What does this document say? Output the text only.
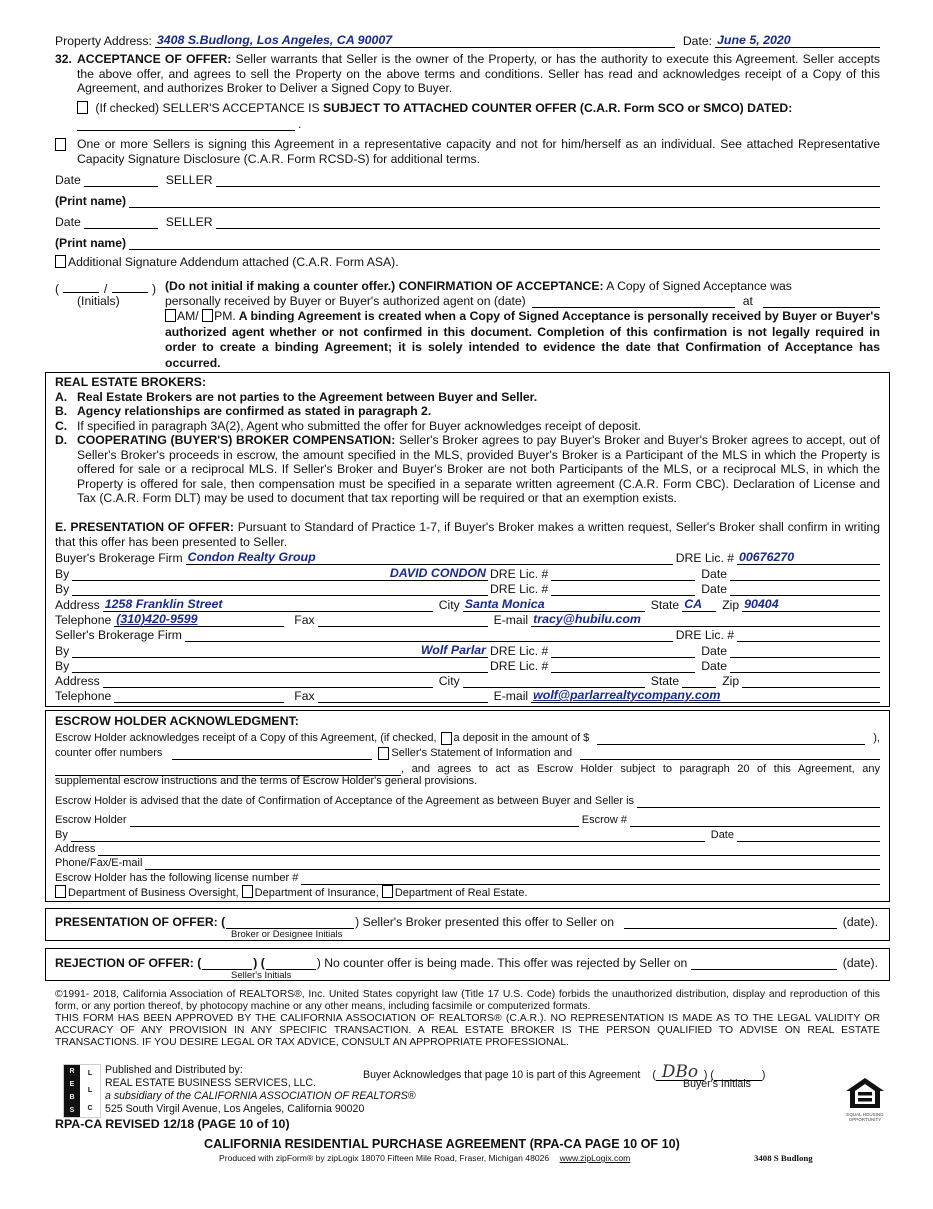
Property Address: 3408 S.Budlong, Los Angeles, CA 90007	Date: June 5, 2020
32. ACCEPTANCE OF OFFER: Seller warrants that Seller is the owner of the Property, or has the authority to execute this Agreement. Seller accepts the above offer, and agrees to sell the Property on the above terms and conditions. Seller has read and acknowledges receipt of a Copy of this Agreement, and authorizes Broker to Deliver a Signed Copy to Buyer.
(If checked) SELLER'S ACCEPTANCE IS SUBJECT TO ATTACHED COUNTER OFFER (C.A.R. Form SCO or SMCO) DATED:
.
One or more Sellers is signing this Agreement in a representative capacity and not for him/herself as an individual. See attached Representative Capacity Signature Disclosure (C.A.R. Form RCSD-S) for additional terms.
Date	SELLER
(Print name)
Date	SELLER
(Print name)
Additional Signature Addendum attached (C.A.R. Form ASA).
(	/	)
(Initials)
(Do not initial if making a counter offer.) CONFIRMATION OF ACCEPTANCE: A Copy of Signed Acceptance was
personally received by Buyer or Buyer's authorized agent on (date)	at
AM/ PM. A binding Agreement is created when a Copy of Signed Acceptance is personally received by Buyer or Buyer's authorized agent whether or not confirmed in this document. Completion of this confirmation is not legally required in order to create a binding Agreement; it is solely intended to evidence the date that Confirmation of Acceptance has occurred.
REAL ESTATE BROKERS:
A. Real Estate Brokers are not parties to the Agreement between Buyer and Seller.
B. Agency relationships are confirmed as stated in paragraph 2.
C. If specified in paragraph 3A(2), Agent who submitted the offer for Buyer acknowledges receipt of deposit.
D. COOPERATING (BUYER'S) BROKER COMPENSATION: Seller's Broker agrees to pay Buyer's Broker and Buyer's Broker agrees to accept, out of Seller's Broker's proceeds in escrow, the amount specified in the MLS, provided Buyer's Broker is a Participant of the MLS in which the Property is offered for sale or a reciprocal MLS. If Seller's Broker and Buyer's Broker are not both Participants of the MLS, or a reciprocal MLS, in which the Property is offered for sale, then compensation must be specified in a separate written agreement (C.A.R. Form CBC). Declaration of License and Tax (C.A.R. Form DLT) may be used to document that tax reporting will be required or that an exemption exists.
E. PRESENTATION OF OFFER: Pursuant to Standard of Practice 1-7, if Buyer's Broker makes a written request, Seller's Broker shall confirm in writing that this offer has been presented to Seller.
Buyer's Brokerage Firm Condon Realty Group	DRE Lic. # 00676270
By	DAVID CONDON DRE Lic. #	Date
By	DRE Lic. #	Date
Address 1258 Franklin Street	City Santa Monica	State CA Zip 90404
Telephone (310)420-9599	Fax	E-mail tracy@hubilu.com
Seller's Brokerage Firm	DRE Lic. #
By	Wolf Parlar DRE Lic. #	Date
By	DRE Lic. #	Date
Address	City	State	Zip
Telephone	Fax	E-mail wolf@parlarrealtycompany.com
ESCROW HOLDER ACKNOWLEDGMENT:
Escrow Holder acknowledges receipt of a Copy of this Agreement, (if checked, a deposit in the amount of $	),
counter offer numbers	Seller's Statement of Information and
, and agrees to act as Escrow Holder subject to paragraph 20 of this Agreement, any
supplemental escrow instructions and the terms of Escrow Holder's general provisions.
Escrow Holder is advised that the date of Confirmation of Acceptance of the Agreement as between Buyer and Seller is
Escrow Holder	Escrow #
By	Date
Address
Phone/Fax/E-mail
Escrow Holder has the following license number #
Department of Business Oversight, Department of Insurance, Department of Real Estate.
PRESENTATION OF OFFER: (	) Seller's Broker presented this offer to Seller on	(date).
Broker or Designee Initials
REJECTION OF OFFER: (	) (	) No counter offer is being made. This offer was rejected by Seller on	(date).
Seller's Initials
©1991- 2018, California Association of REALTORS®, Inc. United States copyright law (Title 17 U.S. Code) forbids the unauthorized distribution, display and reproduction of this form, or any portion thereof, by photocopy machine or any other means, including facsimile or computerized formats.
THIS FORM HAS BEEN APPROVED BY THE CALIFORNIA ASSOCIATION OF REALTORS® (C.A.R.). NO REPRESENTATION IS MADE AS TO THE LEGAL VALIDITY OR ACCURACY OF ANY PROVISION IN ANY SPECIFIC TRANSACTION. A REAL ESTATE BROKER IS THE PERSON QUALIFIED TO ADVISE ON REAL ESTATE TRANSACTIONS. IF YOU DESIRE LEGAL OR TAX ADVICE, CONSULT AN APPROPRIATE PROFESSIONAL.
R
E
B
S
L
L
C
Published and Distributed by:
REAL ESTATE BUSINESS SERVICES, LLC.
a subsidiary of the CALIFORNIA ASSOCIATION OF REALTORS®
525 South Virgil Avenue, Los Angeles, California 90020
RPA-CA REVISED 12/18 (PAGE 10 of 10)
Buyer Acknowledges that page 10 is part of this Agreement ( DBo ) (	)
Buyer's Initials
EQUAL HOUSING OPPORTUNITY
CALIFORNIA RESIDENTIAL PURCHASE AGREEMENT (RPA-CA PAGE 10 OF 10)
Produced with zipForm® by zipLogix 18070 Fifteen Mile Road, Fraser, Michigan 48026 www.zipLogix.com	3408 S Budlong
